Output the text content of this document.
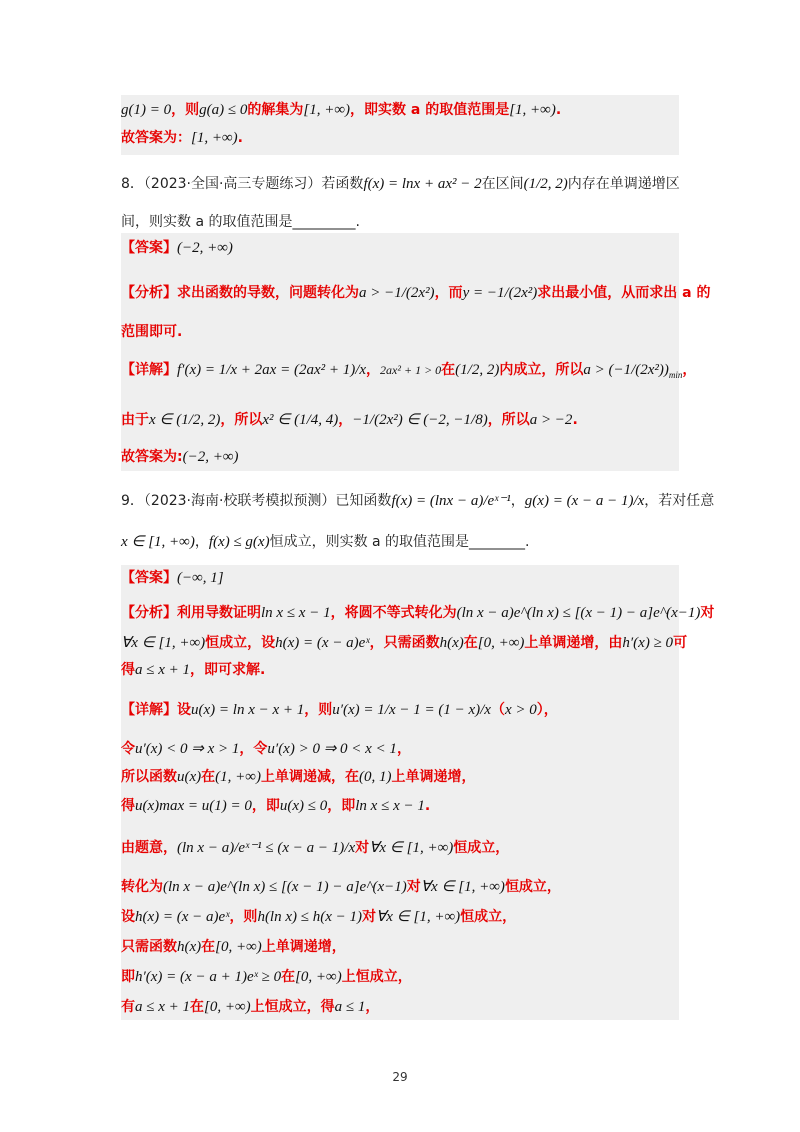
g(1) = 0，则g(a) ≤ 0的解集为[1, +∞)，即实数 a 的取值范围是[1, +∞).
故答案为：[1, +∞).
8．（2023·全国·高三专题练习）若函数f(x) = lnx + ax² − 2在区间(1/2, 2)内存在单调递增区
间，则实数 a 的取值范围是_________.
【答案】(−2, +∞)
【分析】求出函数的导数，问题转化为a > −1/(2x²)，而y = −1/(2x²)求出最小值，从而求出 a 的
范围即可.
【详解】f′(x) = 1/x + 2ax = (2ax² + 1)/x，2ax² + 1 > 0在(1/2, 2)内成立，所以$a > (-1/(2x^2))_{min}$，
由于x ∈ (1/2, 2)，所以x² ∈ (1/4, 4)，−1/(2x²) ∈ (−2, −1/8)，所以a > −2.
故答案为:(−2, +∞)
9．（2023·海南·校联考模拟预测）已知函数f(x) = (lnx − a)/eˣ⁻¹，g(x) = (x − a − 1)/x，若对任意
x ∈ [1, +∞)，f(x) ≤ g(x)恒成立，则实数 a 的取值范围是________.
【答案】(−∞, 1]
【分析】利用导数证明ln x ≤ x − 1，将圆不等式转化为(ln x − a)e^(ln x) ≤ [(x − 1) − a]e^(x−1)对
∀x ∈ [1, +∞)恒成立，设h(x) = (x − a)eˣ，只需函数h(x)在[0, +∞)上单调递增，由h′(x) ≥ 0可
得a ≤ x + 1，即可求解.
【详解】设u(x) = ln x − x + 1，则u′(x) = 1/x − 1 = (1 − x)/x（x > 0），
令u′(x) < 0 ⇒ x > 1，令u′(x) > 0 ⇒ 0 < x < 1，
所以函数u(x)在(1, +∞)上单调递减，在(0, 1)上单调递增，
得u(x)max = u(1) = 0，即u(x) ≤ 0，即ln x ≤ x − 1.
由题意，(ln x − a)/eˣ⁻¹ ≤ (x − a − 1)/x对∀x ∈ [1, +∞)恒成立，
转化为(ln x − a)e^(ln x) ≤ [(x − 1) − a]e^(x−1)对∀x ∈ [1, +∞)恒成立，
设h(x) = (x − a)eˣ，则h(ln x) ≤ h(x − 1)对∀x ∈ [1, +∞)恒成立，
只需函数h(x)在[0, +∞)上单调递增，
即h′(x) = (x − a + 1)eˣ ≥ 0在[0, +∞)上恒成立，
有a ≤ x + 1在[0, +∞)上恒成立，得a ≤ 1，
29
